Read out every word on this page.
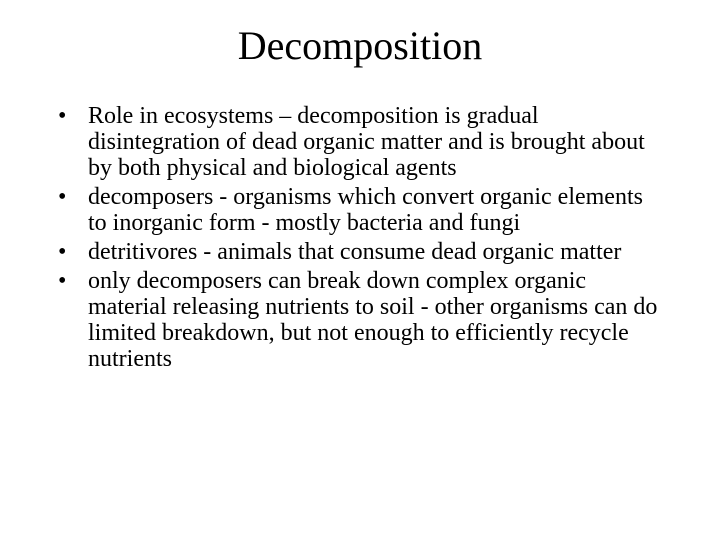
Decomposition
• Role in ecosystems – decomposition is gradual disintegration of dead organic matter and is brought about by both physical and biological agents
• decomposers - organisms which convert organic elements to inorganic form - mostly bacteria and fungi
• detritivores - animals that consume dead organic matter
• only decomposers can break down complex organic material releasing nutrients to soil - other organisms can do limited breakdown, but not enough to efficiently recycle nutrients
